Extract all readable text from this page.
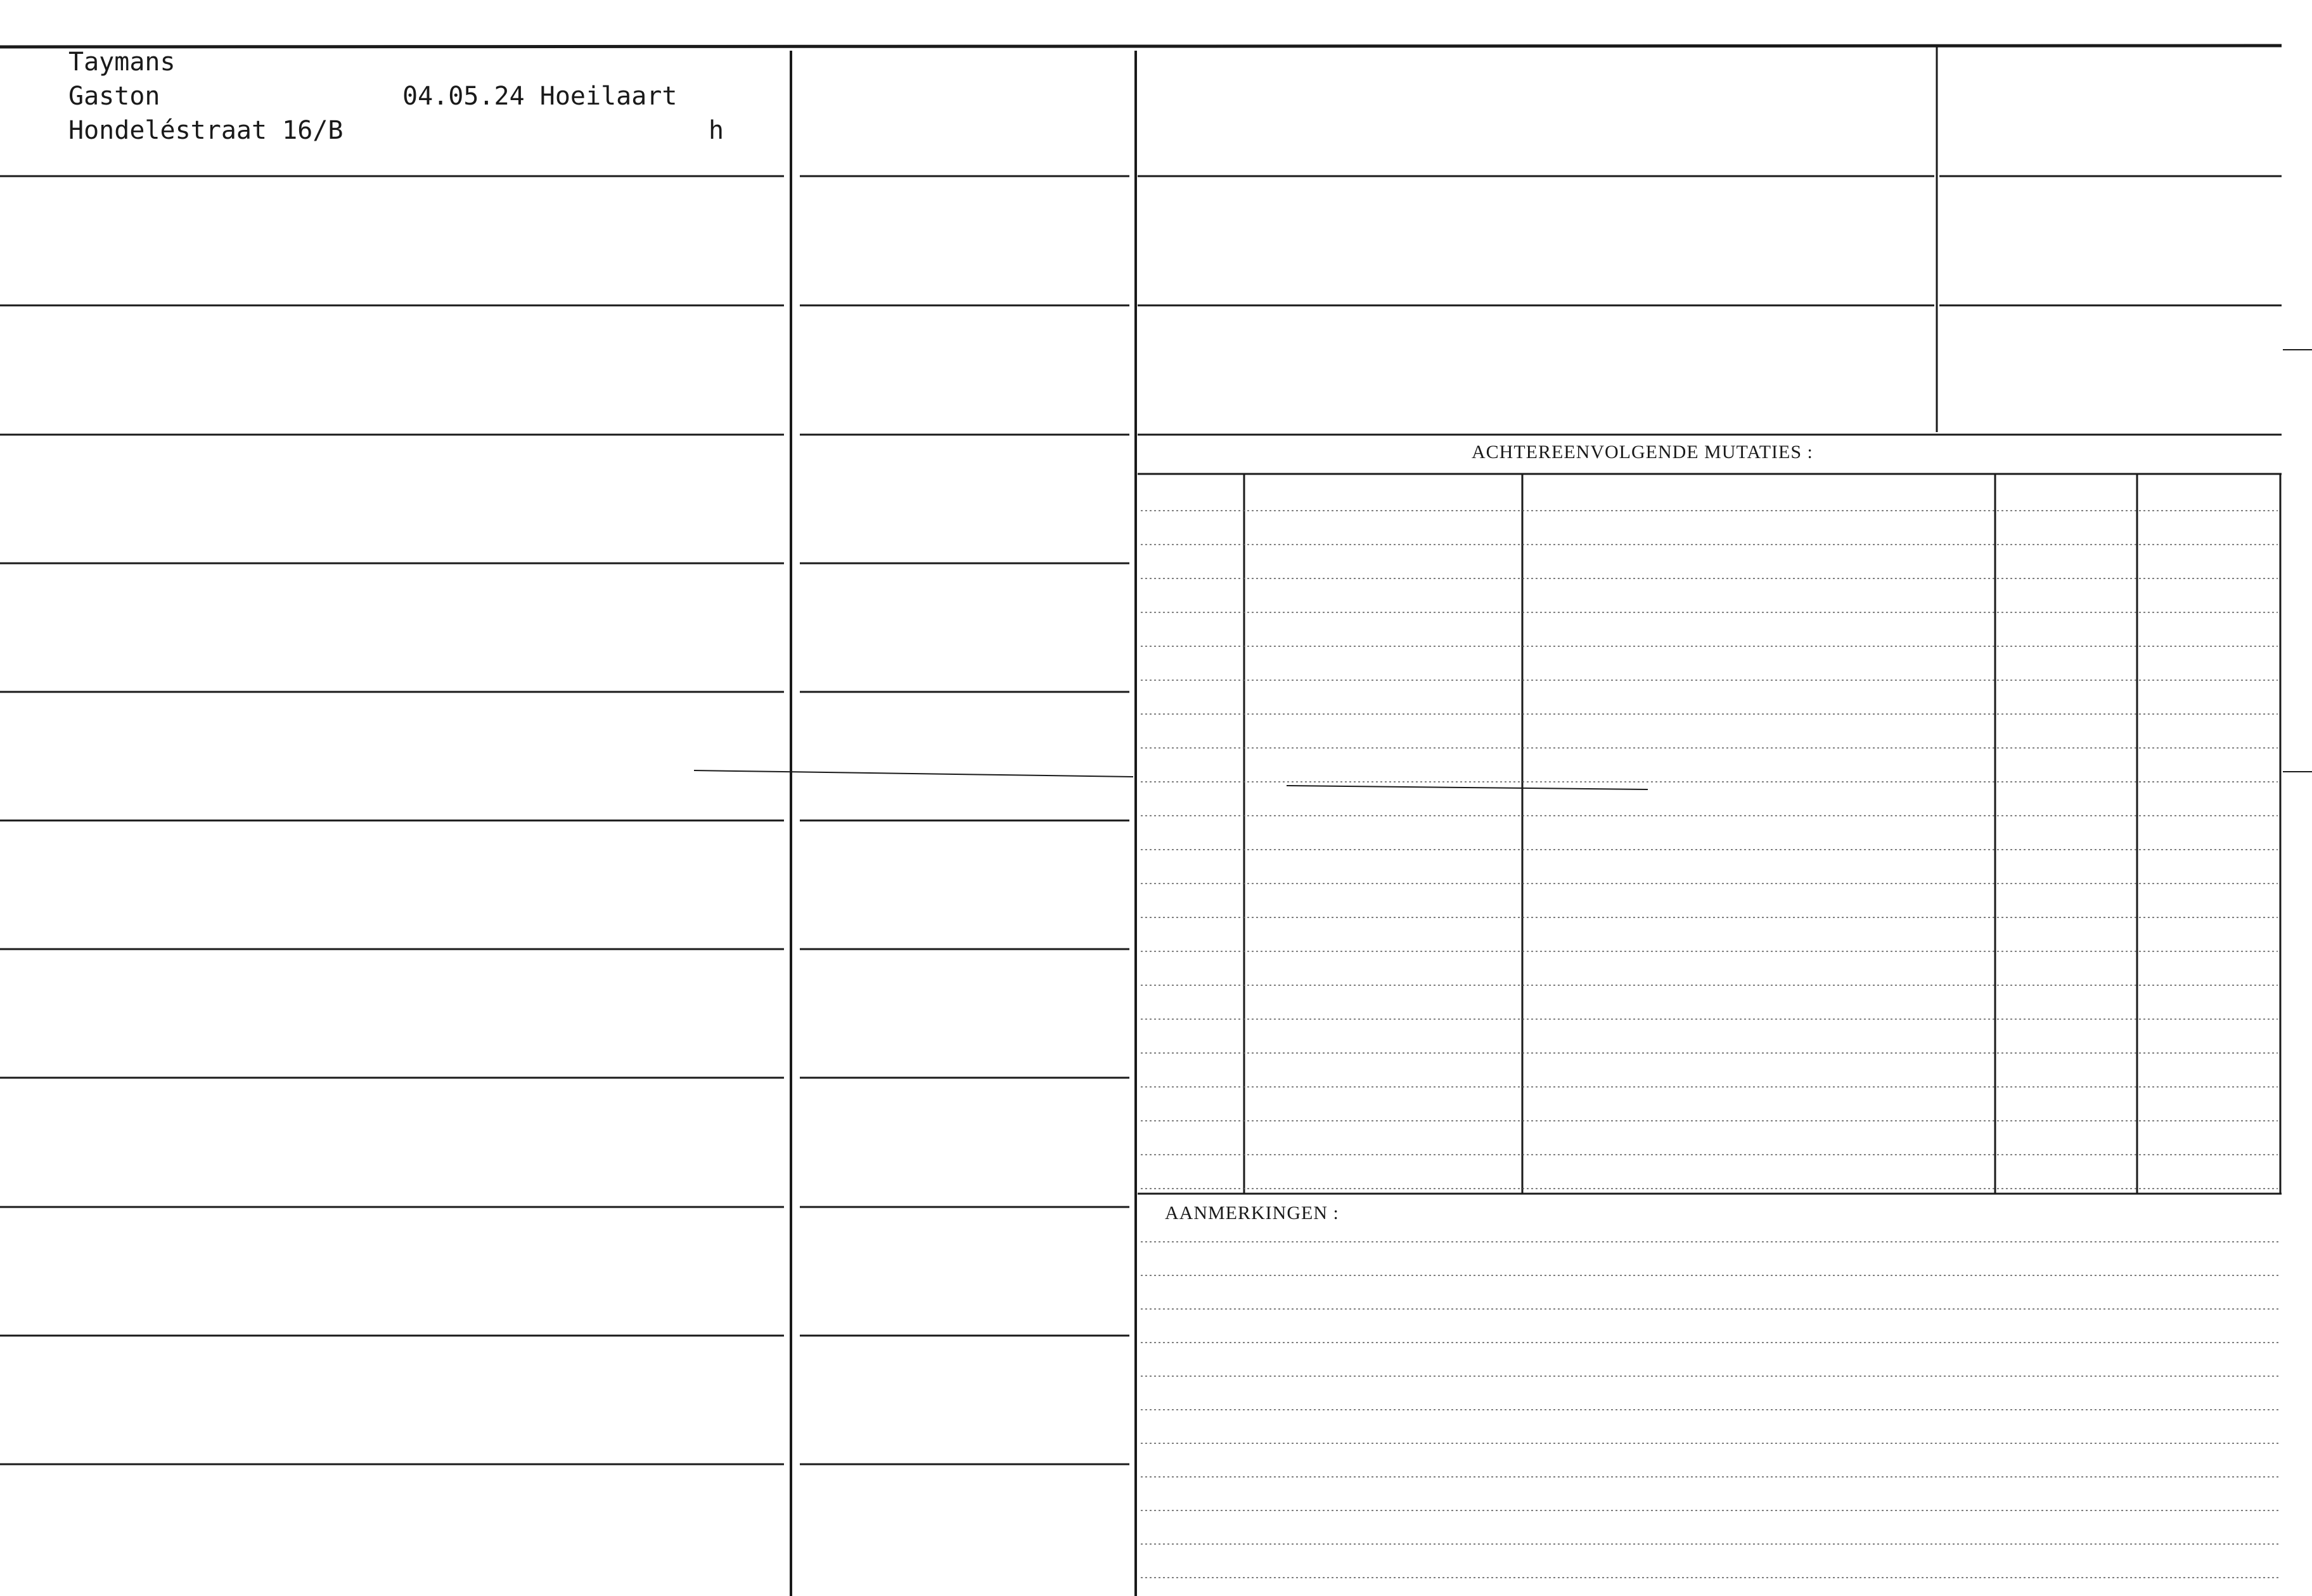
Taymans
Gaston	04.05.24 Hoeilaart
Hondeléstraat 16/B	h
ACHTEREENVOLGENDE MUTATIES :
AANMERKINGEN :
